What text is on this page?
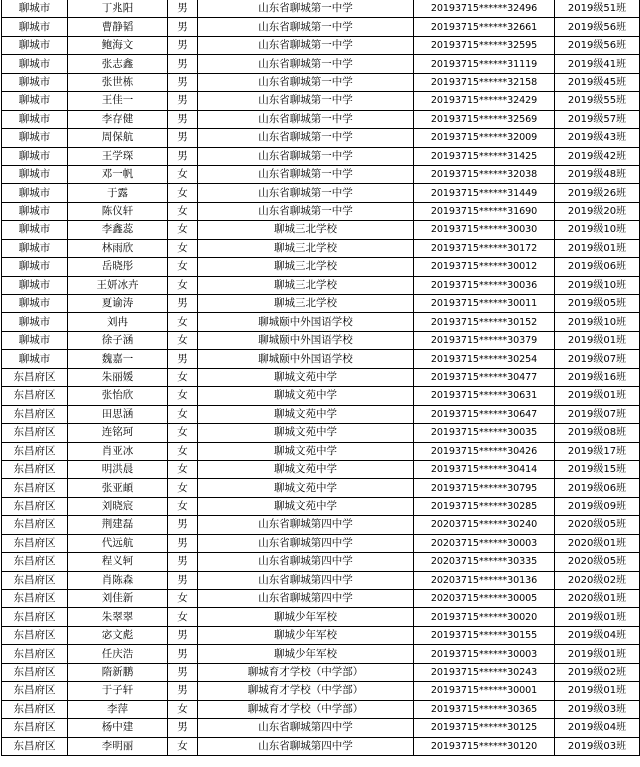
聊城市	丁兆阳	男	山东省聊城第一中学	20193715******32496	2019级51班
聊城市	曹静韬	男	山东省聊城第一中学	20193715******32661	2019级56班
聊城市	鲍海文	男	山东省聊城第一中学	20193715******32595	2019级56班
聊城市	张志鑫	男	山东省聊城第一中学	20193715******31119	2019级41班
聊城市	张世栋	男	山东省聊城第一中学	20193715******32158	2019级45班
聊城市	王佳一	男	山东省聊城第一中学	20193715******32429	2019级55班
聊城市	李存健	男	山东省聊城第一中学	20193715******32569	2019级57班
聊城市	周保航	男	山东省聊城第一中学	20193715******32009	2019级43班
聊城市	王学琛	男	山东省聊城第一中学	20193715******31425	2019级42班
聊城市	邓一帆	女	山东省聊城第一中学	20193715******32038	2019级48班
聊城市	于露	女	山东省聊城第一中学	20193715******31449	2019级26班
聊城市	陈仪轩	女	山东省聊城第一中学	20193715******31690	2019级20班
聊城市	李鑫蕊	女	聊城三北学校	20193715******30030	2019级10班
聊城市	林雨欣	女	聊城三北学校	20193715******30172	2019级01班
聊城市	岳晓彤	女	聊城三北学校	20193715******30012	2019级06班
聊城市	王妍冰卉	女	聊城三北学校	20193715******30036	2019级10班
聊城市	夏谕涛	男	聊城三北学校	20193715******30011	2019级05班
聊城市	刘冉	女	聊城颐中外国语学校	20193715******30152	2019级10班
聊城市	徐子涵	女	聊城颐中外国语学校	20193715******30379	2019级01班
聊城市	魏嘉一	男	聊城颐中外国语学校	20193715******30254	2019级07班
东昌府区	朱丽媛	女	聊城文苑中学	20193715******30477	2019级16班
东昌府区	张怡欣	女	聊城文苑中学	20193715******30631	2019级01班
东昌府区	田思涵	女	聊城文苑中学	20193715******30647	2019级07班
东昌府区	连铭珂	女	聊城文苑中学	20193715******30035	2019级08班
东昌府区	肖亚冰	女	聊城文苑中学	20193715******30426	2019级17班
东昌府区	明洪晨	女	聊城文苑中学	20193715******30414	2019级15班
东昌府区	张亚頔	女	聊城文苑中学	20193715******30795	2019级06班
东昌府区	刘晓宸	女	聊城文苑中学	20193715******30285	2019级09班
东昌府区	荆建磊	男	山东省聊城第四中学	20203715******30240	2020级05班
东昌府区	代远航	男	山东省聊城第四中学	20203715******30003	2020级01班
东昌府区	程义轲	男	山东省聊城第四中学	20203715******30335	2020级05班
东昌府区	肖陈森	男	山东省聊城第四中学	20203715******30136	2020级02班
东昌府区	刘佳新	女	山东省聊城第四中学	20203715******30005	2020级01班
东昌府区	朱翠翠	女	聊城少年军校	20193715******30020	2019级01班
东昌府区	宓文彪	男	聊城少年军校	20193715******30155	2019级04班
东昌府区	任庆浩	男	聊城少年军校	20193715******30003	2019级01班
东昌府区	隋新鹏	男	聊城育才学校（中学部）	20193715******30243	2019级02班
东昌府区	于子轩	男	聊城育才学校（中学部）	20193715******30001	2019级01班
东昌府区	李萍	女	聊城育才学校（中学部）	20193715******30365	2019级03班
东昌府区	杨中建	男	山东省聊城第四中学	20193715******30125	2019级04班
东昌府区	李明丽	女	山东省聊城第四中学	20193715******30120	2019级03班
